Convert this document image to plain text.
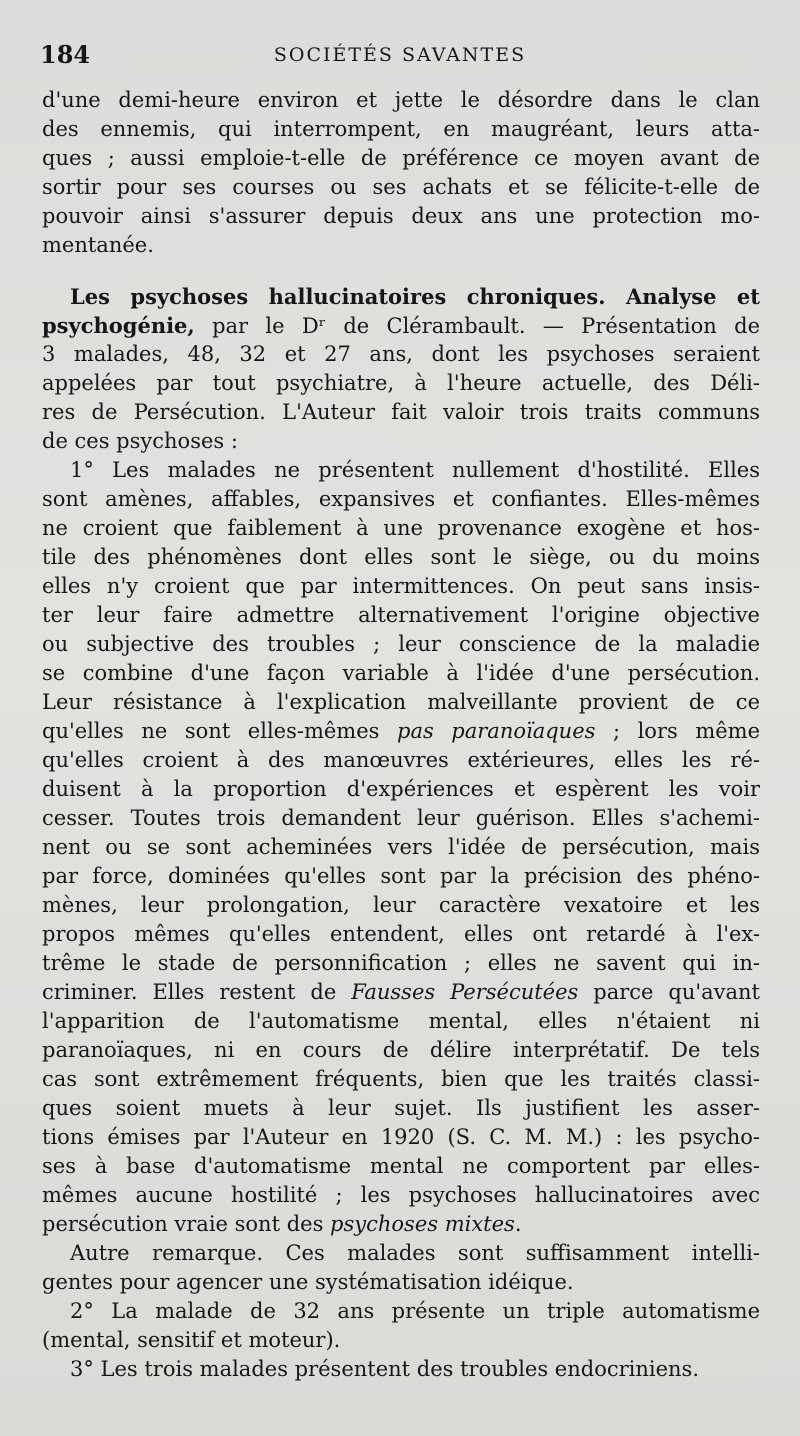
184	SOCIÉTÉS SAVANTES
d'une demi-heure environ et jette le désordre dans le clan
des ennemis, qui interrompent, en maugréant, leurs atta-
ques ; aussi emploie-t-elle de préférence ce moyen avant de
sortir pour ses courses ou ses achats et se félicite-t-elle de
pouvoir ainsi s'assurer depuis deux ans une protection mo-
mentanée.
Les psychoses hallucinatoires chroniques. Analyse et
psychogénie, par le Dʳ de Clérambault. — Présentation de
3 malades, 48, 32 et 27 ans, dont les psychoses seraient
appelées par tout psychiatre, à l'heure actuelle, des Déli-
res de Persécution. L'Auteur fait valoir trois traits communs
de ces psychoses :
1° Les malades ne présentent nullement d'hostilité. Elles
sont amènes, affables, expansives et confiantes. Elles-mêmes
ne croient que faiblement à une provenance exogène et hos-
tile des phénomènes dont elles sont le siège, ou du moins
elles n'y croient que par intermittences. On peut sans insis-
ter leur faire admettre alternativement l'origine objective
ou subjective des troubles ; leur conscience de la maladie
se combine d'une façon variable à l'idée d'une persécution.
Leur résistance à l'explication malveillante provient de ce
qu'elles ne sont elles-mêmes pas paranoïaques ; lors même
qu'elles croient à des manœuvres extérieures, elles les ré-
duisent à la proportion d'expériences et espèrent les voir
cesser. Toutes trois demandent leur guérison. Elles s'achemi-
nent ou se sont acheminées vers l'idée de persécution, mais
par force, dominées qu'elles sont par la précision des phéno-
mènes, leur prolongation, leur caractère vexatoire et les
propos mêmes qu'elles entendent, elles ont retardé à l'ex-
trême le stade de personnification ; elles ne savent qui in-
criminer. Elles restent de Fausses Persécutées parce qu'avant
l'apparition de l'automatisme mental, elles n'étaient ni
paranoïaques, ni en cours de délire interprétatif. De tels
cas sont extrêmement fréquents, bien que les traités classi-
ques soient muets à leur sujet. Ils justifient les asser-
tions émises par l'Auteur en 1920 (S. C. M. M.) : les psycho-
ses à base d'automatisme mental ne comportent par elles-
mêmes aucune hostilité ; les psychoses hallucinatoires avec
persécution vraie sont des psychoses mixtes.
Autre remarque. Ces malades sont suffisamment intelli-
gentes pour agencer une systématisation idéique.
2° La malade de 32 ans présente un triple automatisme
(mental, sensitif et moteur).
3° Les trois malades présentent des troubles endocriniens.
